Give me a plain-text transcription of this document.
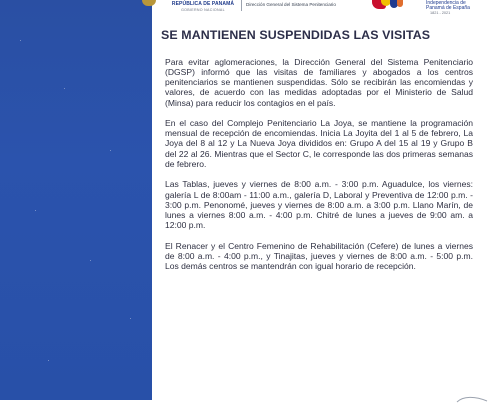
REPÚBLICA DE PANAMÁ
GOBIERNO NACIONAL
Dirección General del Sistema Penitenciario	Independencia de
Panamá de España
1821 - 2021
SE MANTIENEN SUSPENDIDAS LAS VISITAS

Para evitar aglomeraciones, la Dirección General del Sistema Penitenciario (DGSP) informó que las visitas de familiares y abogados a los centros penitenciarios se mantienen suspendidas. Sólo se recibirán las encomiendas y valores, de acuerdo con las medidas adoptadas por el Ministerio de Salud (Minsa) para reducir los contagios en el país.

En el caso del Complejo Penitenciario La Joya, se mantiene la programación mensual de recepción de encomiendas. Inicia La Joyita del 1 al 5 de febrero, La Joya del 8 al 12 y La Nueva Joya divididos en: Grupo A del 15 al 19 y Grupo B del 22 al 26. Mientras que el Sector C, le corresponde las dos primeras semanas de febrero.

Las Tablas, jueves y viernes de 8:00 a.m. - 3:00 p.m. Aguadulce, los viernes: galería L de 8:00am - 11:00 a.m., galería D, Laboral y Preventiva de 12:00 p.m. - 3:00 p.m. Penonomé, jueves y viernes de 8:00 a.m. a 3:00 p.m. Llano Marín, de lunes a viernes 8:00 a.m. - 4:00 p.m. Chitré de lunes a jueves de 9:00 am. a 12:00 p.m.

El Renacer y el Centro Femenino de Rehabilitación (Cefere) de lunes a viernes de 8:00 a.m. - 4:00 p.m., y Tinajitas, jueves y viernes de 8:00 a.m. - 5:00 p.m. Los demás centros se mantendrán con igual horario de recepción.
